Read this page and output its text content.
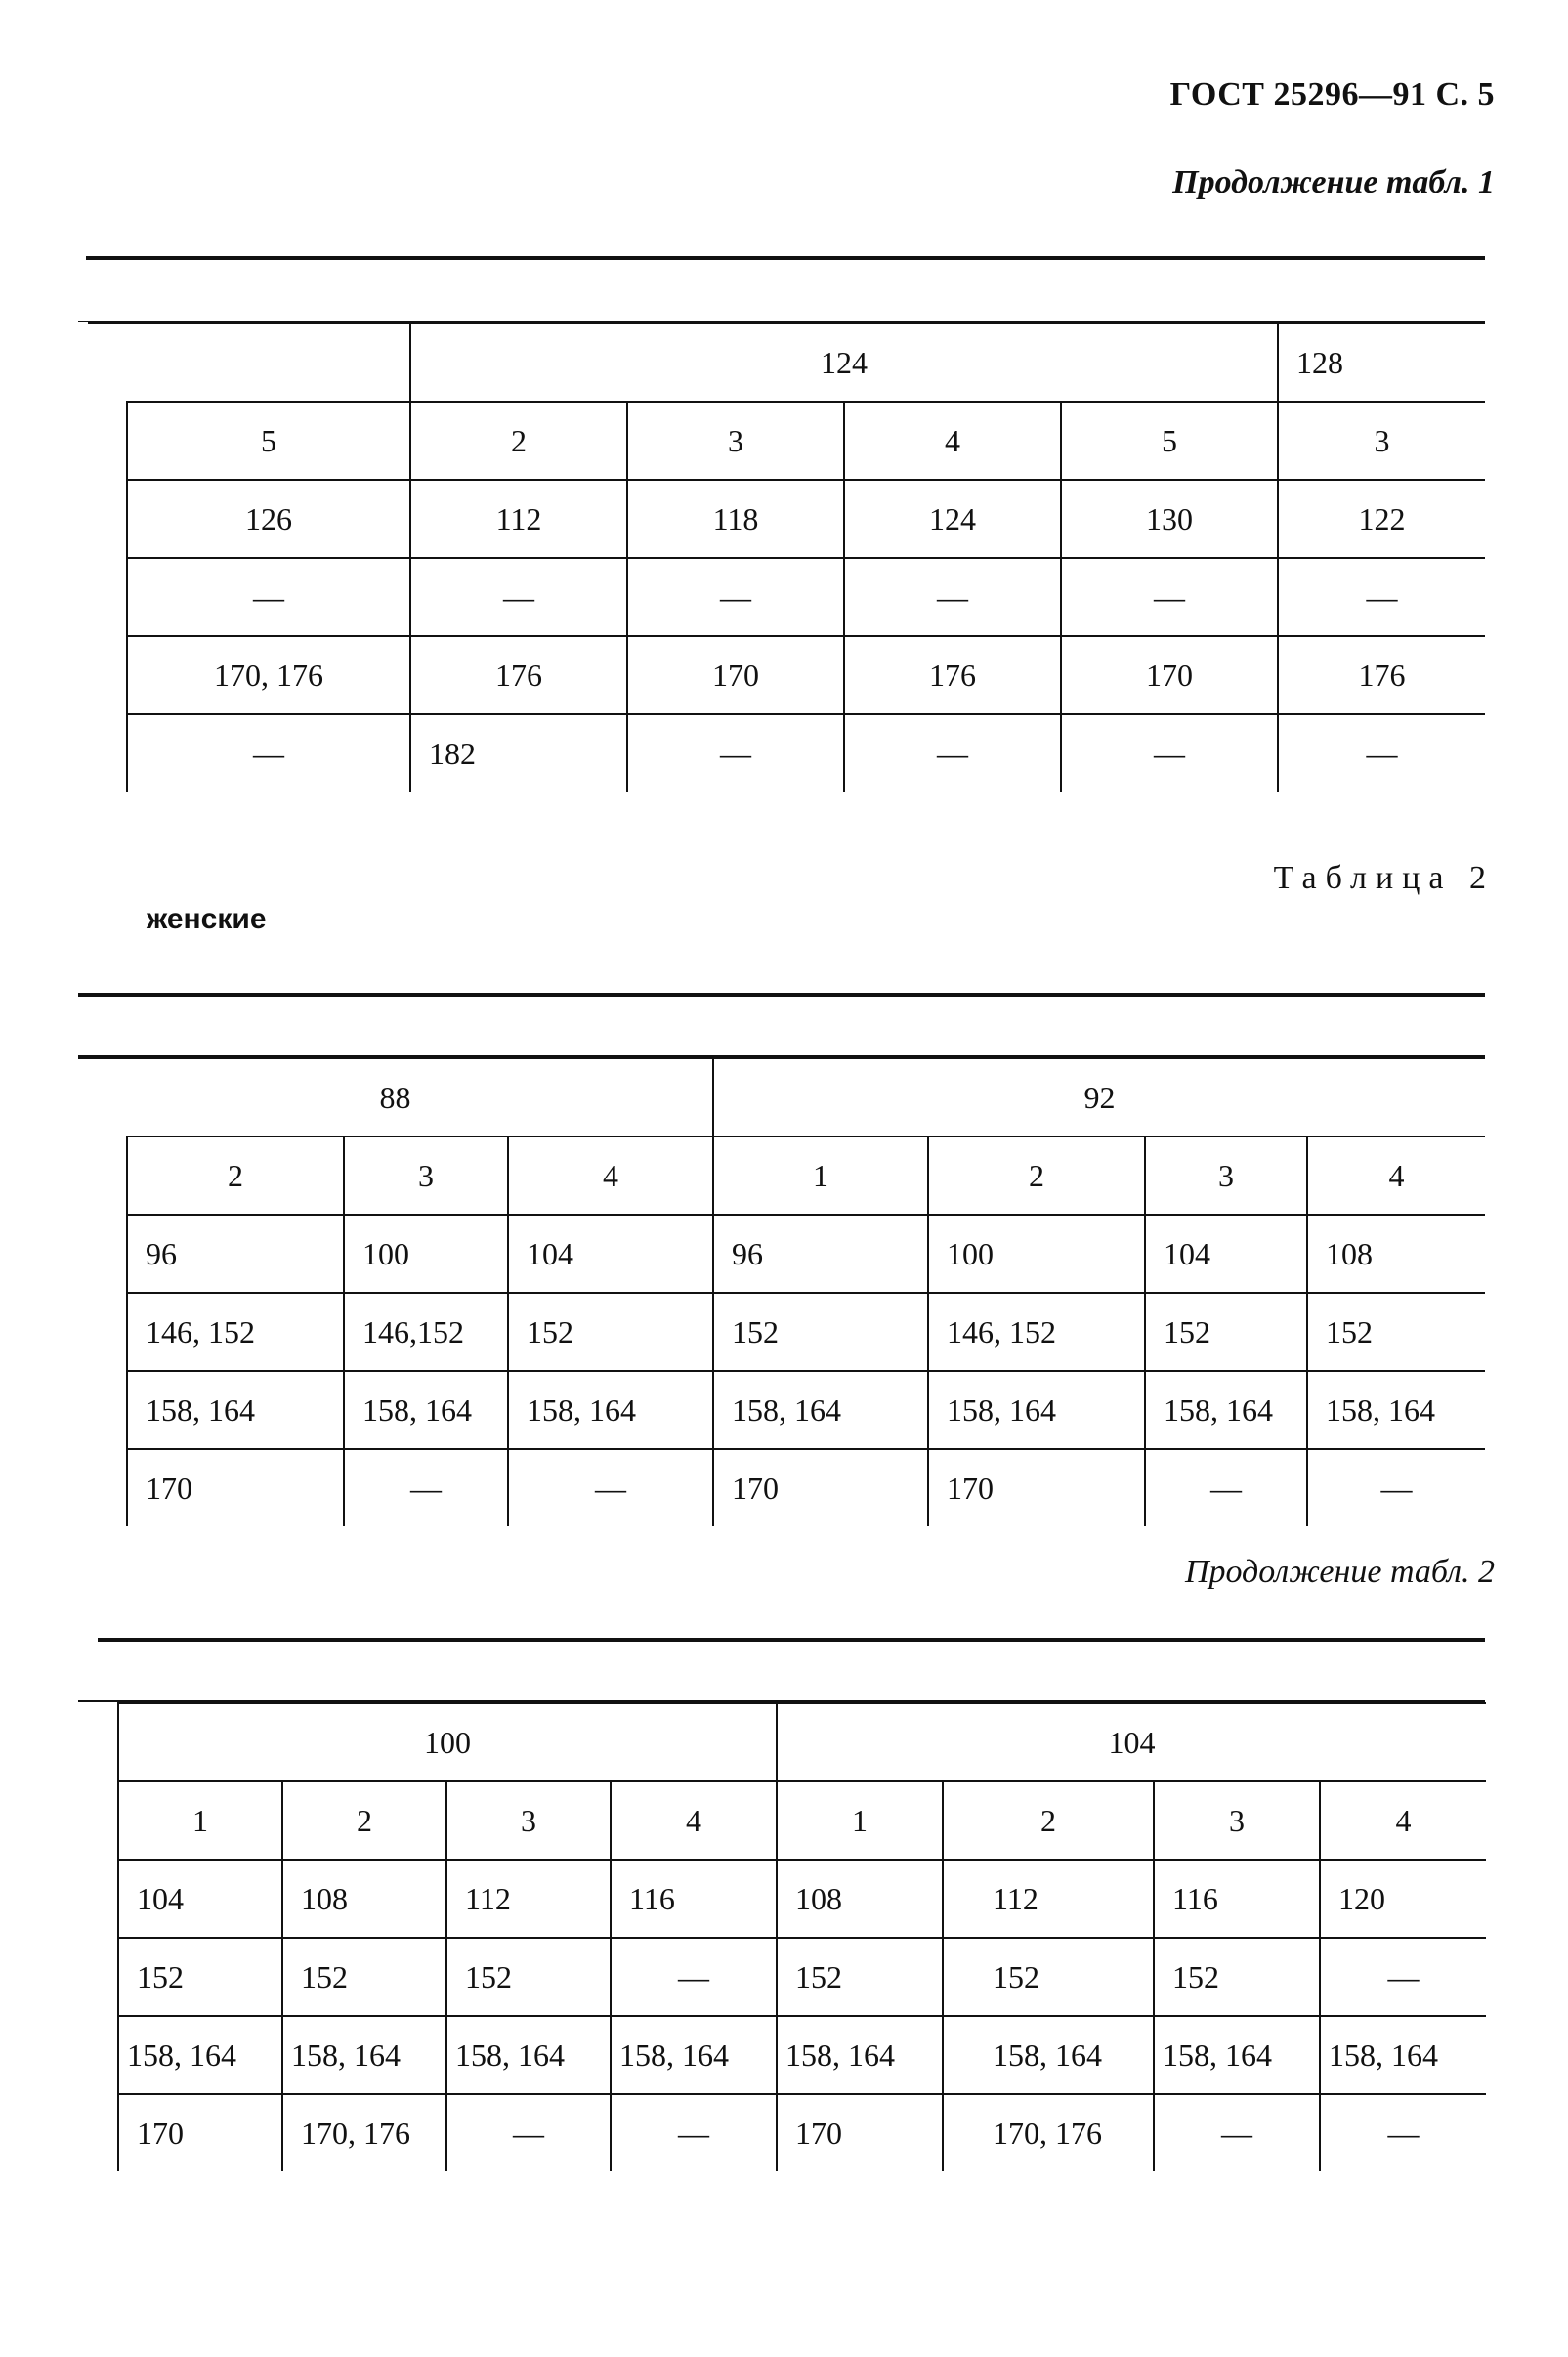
ГОСТ 25296—91 С. 5
Продолжение табл. 1
		124				128
	5	2	3	4	5	3
	126	112	118	124	130	122
	—	—	—	—	—	—
	170, 176	176	170	176	170	176
	—	182	—	—	—	—
Таблица 2
женские
88				92			
	2	3	4	1	2	3	4
	96	100	104	96	100	104	108
	146, 152	146,152	152	152	146, 152	152	152
	158, 164	158, 164	158, 164	158, 164	158, 164	158, 164	158, 164
	170	—	—	170	170	—	—
Продолжение табл. 2
100				104			
1	2	3	4	1	2	3	4
104	108	112	116	108	112	116	120
152	152	152	—	152	152	152	—
158, 164	158, 164	158, 164	158, 164	158, 164	158, 164	158, 164	158, 164
170	170, 176	—	—	170	170, 176	—	—
